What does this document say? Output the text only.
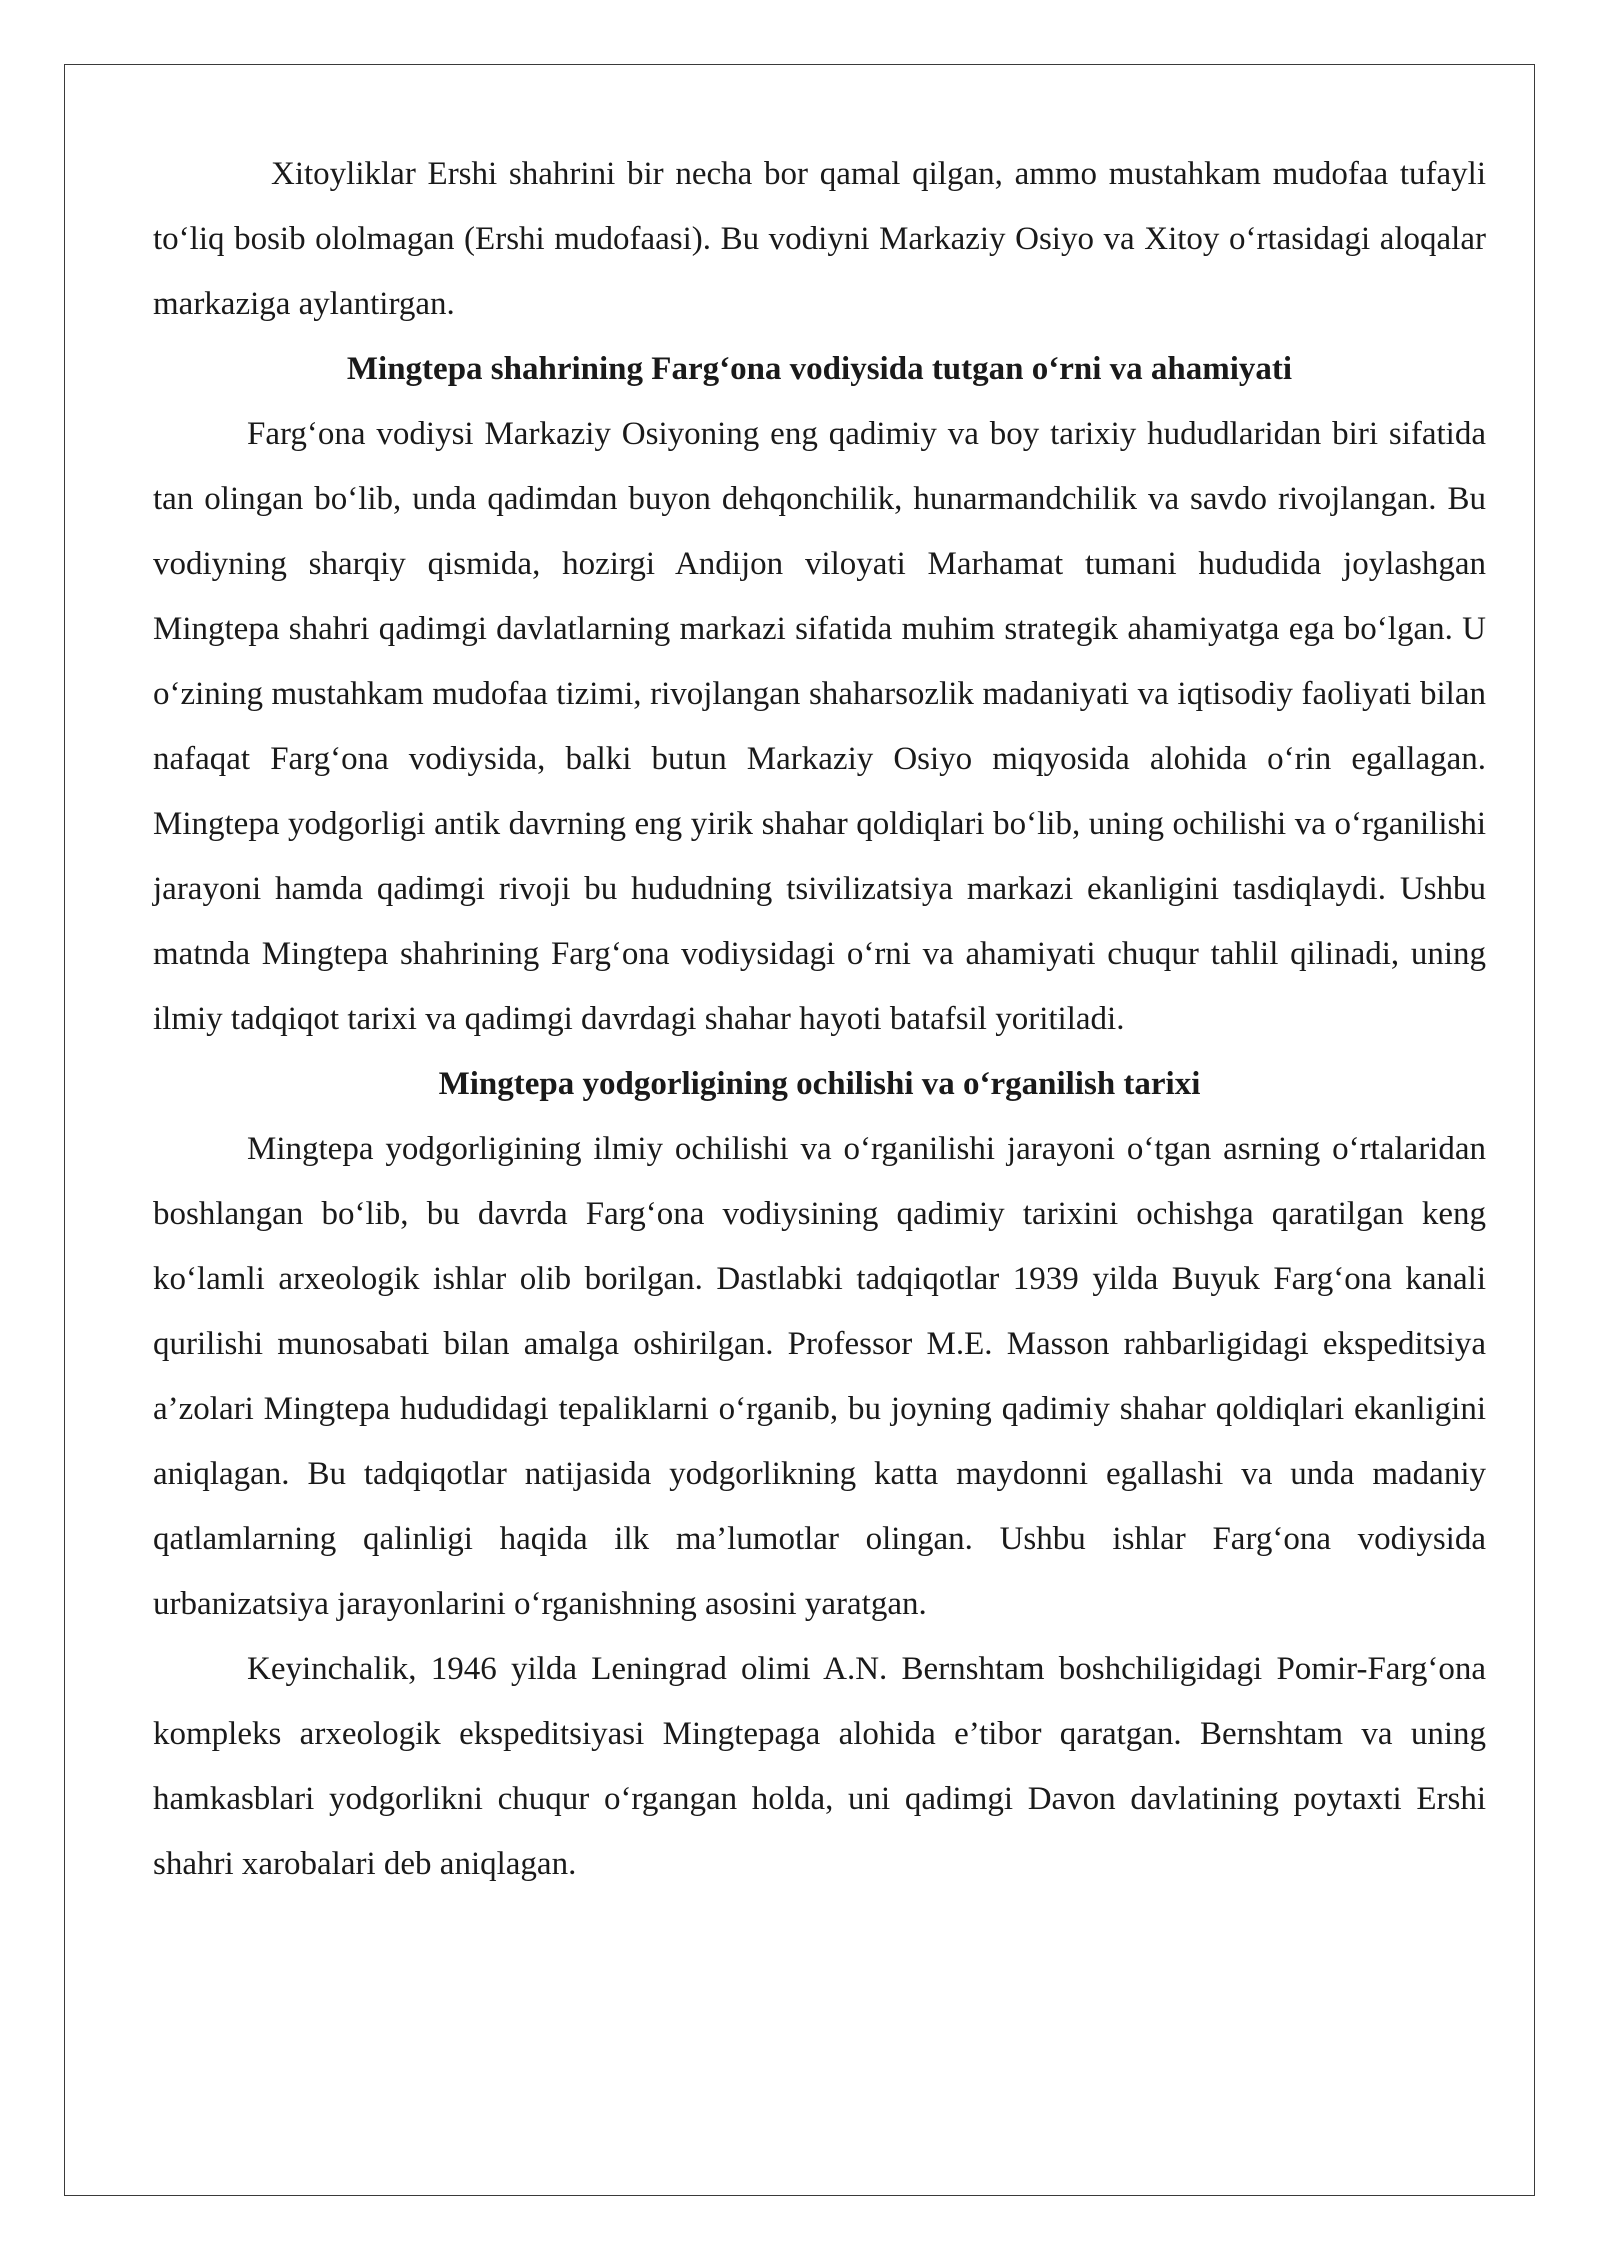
Xitoyliklar Ershi shahrini bir necha bor qamal qilgan, ammo mustahkam mudofaa tufayli to‘liq bosib ololmagan (Ershi mudofaasi). Bu vodiyni Markaziy Osiyo va Xitoy o‘rtasidagi aloqalar markaziga aylantirgan.

Mingtepa shahrining Farg‘ona vodiysida tutgan o‘rni va ahamiyati

Farg‘ona vodiysi Markaziy Osiyoning eng qadimiy va boy tarixiy hududlaridan biri sifatida tan olingan bo‘lib, unda qadimdan buyon dehqonchilik, hunarmandchilik va savdo rivojlangan. Bu vodiyning sharqiy qismida, hozirgi Andijon viloyati Marhamat tumani hududida joylashgan Mingtepa shahri qadimgi davlatlarning markazi sifatida muhim strategik ahamiyatga ega bo‘lgan. U o‘zining mustahkam mudofaa tizimi, rivojlangan shaharsozlik madaniyati va iqtisodiy faoliyati bilan nafaqat Farg‘ona vodiysida, balki butun Markaziy Osiyo miqyosida alohida o‘rin egallagan. Mingtepa yodgorligi antik davrning eng yirik shahar qoldiqlari bo‘lib, uning ochilishi va o‘rganilishi jarayoni hamda qadimgi rivoji bu hududning tsivilizatsiya markazi ekanligini tasdiqlaydi. Ushbu matnda Mingtepa shahrining Farg‘ona vodiysidagi o‘rni va ahamiyati chuqur tahlil qilinadi, uning ilmiy tadqiqot tarixi va qadimgi davrdagi shahar hayoti batafsil yoritiladi.

Mingtepa yodgorligining ochilishi va o‘rganilish tarixi

Mingtepa yodgorligining ilmiy ochilishi va o‘rganilishi jarayoni o‘tgan asrning o‘rtalaridan boshlangan bo‘lib, bu davrda Farg‘ona vodiysining qadimiy tarixini ochishga qaratilgan keng ko‘lamli arxeologik ishlar olib borilgan. Dastlabki tadqiqotlar 1939 yilda Buyuk Farg‘ona kanali qurilishi munosabati bilan amalga oshirilgan. Professor M.E. Masson rahbarligidagi ekspeditsiya a’zolari Mingtepa hududidagi tepaliklarni o‘rganib, bu joyning qadimiy shahar qoldiqlari ekanligini aniqlagan. Bu tadqiqotlar natijasida yodgorlikning katta maydonni egallashi va unda madaniy qatlamlarning qalinligi haqida ilk ma’lumotlar olingan. Ushbu ishlar Farg‘ona vodiysida urbanizatsiya jarayonlarini o‘rganishning asosini yaratgan.

Keyinchalik, 1946 yilda Leningrad olimi A.N. Bernshtam boshchiligidagi Pomir-Farg‘ona kompleks arxeologik ekspeditsiyasi Mingtepaga alohida e’tibor qaratgan. Bernshtam va uning hamkasblari yodgorlikni chuqur o‘rgangan holda, uni qadimgi Davon davlatining poytaxti Ershi shahri xarobalari deb aniqlagan.
